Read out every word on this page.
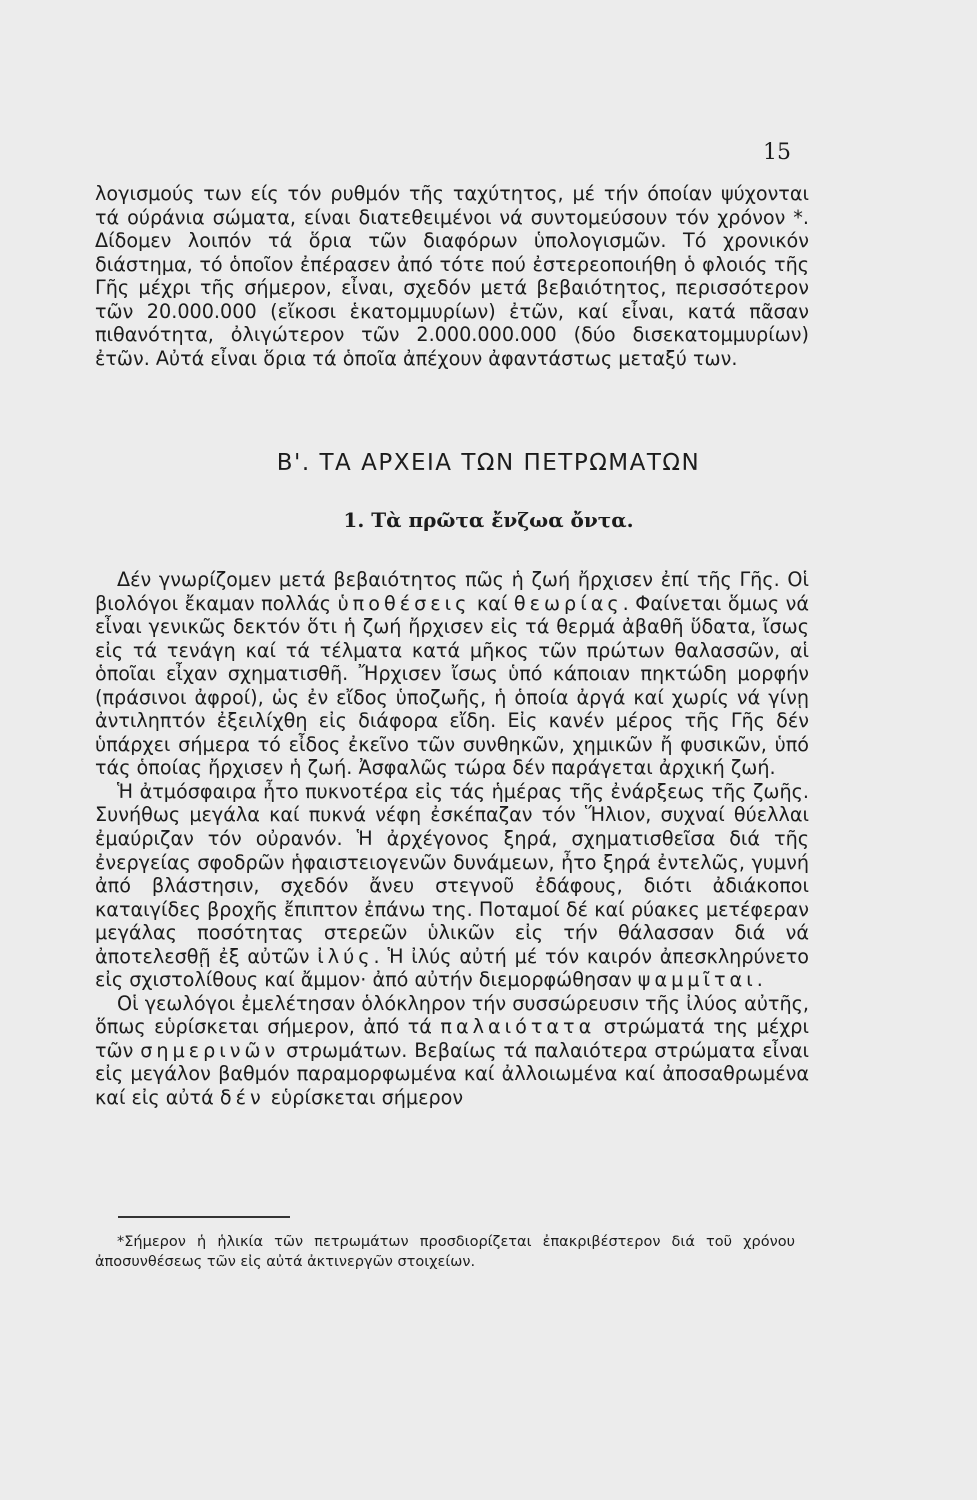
15

λογισμούς των είς τόν ρυθμόν τῆς ταχύτητος, μέ τήν όποίαν ψύχονται τά ούράνια σώματα, είναι διατεθειμένοι νά συντομεύσουν τόν χρόνον *. Δίδομεν λοιπόν τά ὅρια τῶν διαφόρων ὑπολογισμῶν. Τό χρονικόν διάστημα, τό ὁποῖον ἐπέρασεν ἀπό τότε πού ἐστερεοποιήθη ὁ φλοιός τῆς Γῆς μέχρι τῆς σήμερον, εἶναι, σχεδόν μετά βεβαιότητος, περισσότερον τῶν 20.000.000 (εἴκοσι ἑκατομμυρίων) ἐτῶν, καί εἶναι, κατά πᾶσαν πιθανότητα, ὀλιγώτερον τῶν 2.000.000.000 (δύο δισεκατομμυρίων) ἐτῶν. Αὐτά εἶναι ὅρια τά ὁποῖα ἀπέχουν ἀφαντάστως μεταξύ των.

Β'. ΤΑ ΑΡΧΕΙΑ ΤΩΝ ΠΕΤΡΩΜΑΤΩΝ
1. Τὰ πρῶτα ἔνζωα ὄντα.

Δέν γνωρίζομεν μετά βεβαιότητος πῶς ἡ ζωή ἤρχισεν ἐπί τῆς Γῆς. Οἱ βιολόγοι ἔκαμαν πολλάς ὑποθέσεις καί θεωρίας. Φαίνεται ὅμως νά εἶναι γενικῶς δεκτόν ὅτι ἡ ζωή ἤρχισεν εἰς τά θερμά ἀβαθῆ ὕδατα, ἴσως εἰς τά τενάγη καί τά τέλματα κατά μῆκος τῶν πρώτων θαλασσῶν, αἱ ὁποῖαι εἶχαν σχηματισθῆ. Ἤρχισεν ἴσως ὑπό κάποιαν πηκτώδη μορφήν (πράσινοι ἀφροί), ὡς ἐν εἴδος ὑποζωῆς, ἡ ὁποία ἀργά καί χωρίς νά γίνῃ ἀντιληπτόν ἐξειλίχθη εἰς διάφορα εἴδη. Εἰς κανέν μέρος τῆς Γῆς δέν ὑπάρχει σήμερα τό εἶδος ἐκεῖνο τῶν συνθηκῶν, χημικῶν ἤ φυσικῶν, ὑπό τάς ὁποίας ἤρχισεν ἡ ζωή. Ἀσφαλῶς τώρα δέν παράγεται ἀρχική ζωή.

Ἡ ἀτμόσφαιρα ἦτο πυκνοτέρα εἰς τάς ἡμέρας τῆς ἐνάρξεως τῆς ζωῆς. Συνήθως μεγάλα καί πυκνά νέφη ἐσκέπαζαν τόν Ἥλιον, συχναί θύελλαι ἐμαύριζαν τόν οὐρανόν. Ἡ ἀρχέγονος ξηρά, σχηματισθεῖσα διά τῆς ἐνεργείας σφοδρῶν ἡφαιστειογενῶν δυνάμεων, ἦτο ξηρά ἐντελῶς, γυμνή ἀπό βλάστησιν, σχεδόν ἄνευ στεγνοῦ ἐδάφους, διότι ἀδιάκοποι καταιγίδες βροχῆς ἔπιπτον ἐπάνω της. Ποταμοί δέ καί ρύακες μετέφεραν μεγάλας ποσότητας στερεῶν ὑλικῶν εἰς τήν θάλασσαν διά νά ἀποτελεσθῇ ἐξ αὐτῶν ἰλύς. Ἡ ἰλύς αὐτή μέ τόν καιρόν ἀπεσκληρύνετο εἰς σχιστολίθους καί ἄμμον· ἀπό αὐτήν διεμορφώθησαν ψαμμῖται.

Οἱ γεωλόγοι ἐμελέτησαν ὁλόκληρον τήν συσσώρευσιν τῆς ἰλύος αὐτῆς, ὅπως εὑρίσκεται σήμερον, ἀπό τά παλαιότατα στρώματά της μέχρι τῶν σημερινῶν στρωμάτων. Βεβαίως τά παλαιότερα στρώματα εἶναι εἰς μεγάλον βαθμόν παραμορφωμένα καί ἀλλοιωμένα καί ἀποσαθρωμένα καί εἰς αὐτά δέν εὑρίσκεται σήμερον

*Σήμερον ἡ ἡλικία τῶν πετρωμάτων προσδιορίζεται ἐπακριβέστερον διά τοῦ χρόνου ἀποσυνθέσεως τῶν εἰς αὐτά ἀκτινεργῶν στοιχείων.
